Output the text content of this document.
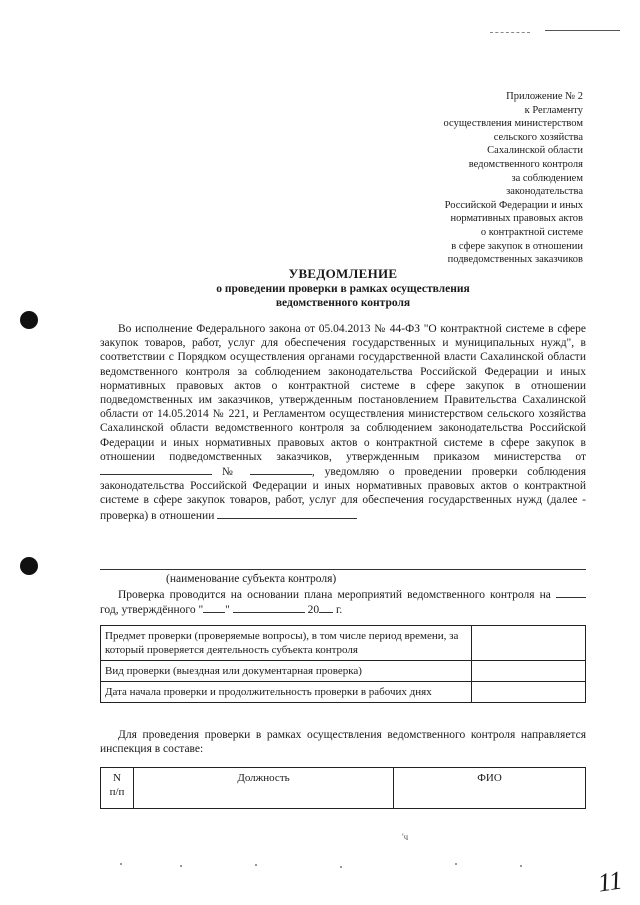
Приложение № 2
к Регламенту
осуществления министерством
сельского хозяйства
Сахалинской области
ведомственного контроля
за соблюдением
законодательства
Российской Федерации и иных
нормативных правовых актов
о контрактной системе
в сфере закупок в отношении
подведомственных заказчиков
УВЕДОМЛЕНИЕ
о проведении проверки в рамках осуществления
ведомственного контроля

Во исполнение Федерального закона от 05.04.2013 № 44-ФЗ "О контрактной системе в сфере закупок товаров, работ, услуг для обеспечения государственных и муниципальных нужд", в соответствии с Порядком осуществления органами государственной власти Сахалинской области ведомственного контроля за соблюдением законодательства Российской Федерации и иных нормативных правовых актов о контрактной системе в сфере закупок в отношении подведомственных им заказчиков, утвержденным постановлением Правительства Сахалинской области от 14.05.2014 № 221, и Регламентом осуществления министерством сельского хозяйства Сахалинской области ведомственного контроля за соблюдением законодательства Российской Федерации и иных нормативных правовых актов о контрактной системе в сфере закупок в отношении подведомственных заказчиков, утвержденным приказом министерства от  №	, уведомляю о проведении проверки соблюдения законодательства Российской Федерации и иных нормативных правовых актов о контрактной системе в сфере закупок товаров, работ, услуг для обеспечения государственных нужд (далее - проверка) в отношении

(наименование субъекта контроля)
Проверка проводится на основании плана мероприятий ведомственного контроля на  год, утверждённого " "	20 г.
Предмет проверки (проверяемые вопросы), в том числе период времени, за который проверяется деятельность субъекта контроля	
Вид проверки (выездная или документарная проверка)	
Дата начала проверки и продолжительность проверки в рабочих днях	
Для проведения проверки в рамках осуществления ведомственного контроля направляется инспекция в составе:
N
п/п
	Должность	ФИО
'ч
11
